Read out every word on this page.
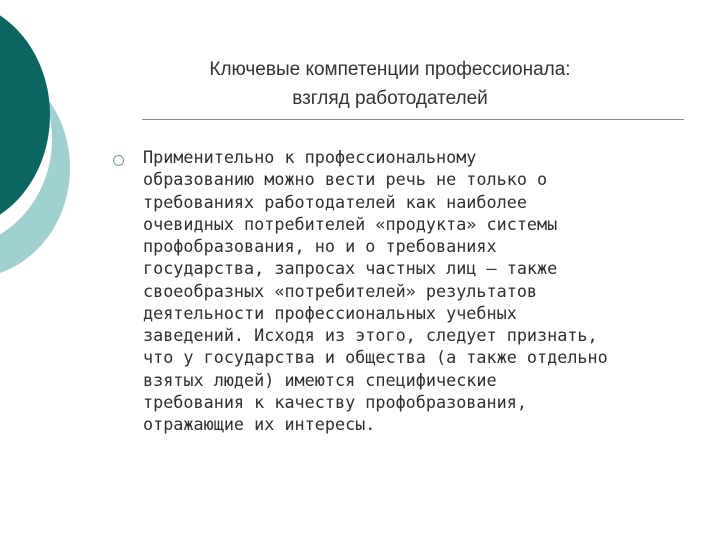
Ключевые компетенции профессионала:
взгляд работодателей

Применительно к профессиональному
образованию можно вести речь не только о
требованиях работодателей как наиболее
очевидных потребителей «продукта» системы
профобразования, но и о требованиях
государства, запросах частных лиц – также
своеобразных «потребителей» результатов
деятельности профессиональных учебных
заведений. Исходя из этого, следует признать,
что у государства и общества (а также отдельно
взятых людей) имеются специфические
требования к качеству профобразования,
отражающие их интересы.
